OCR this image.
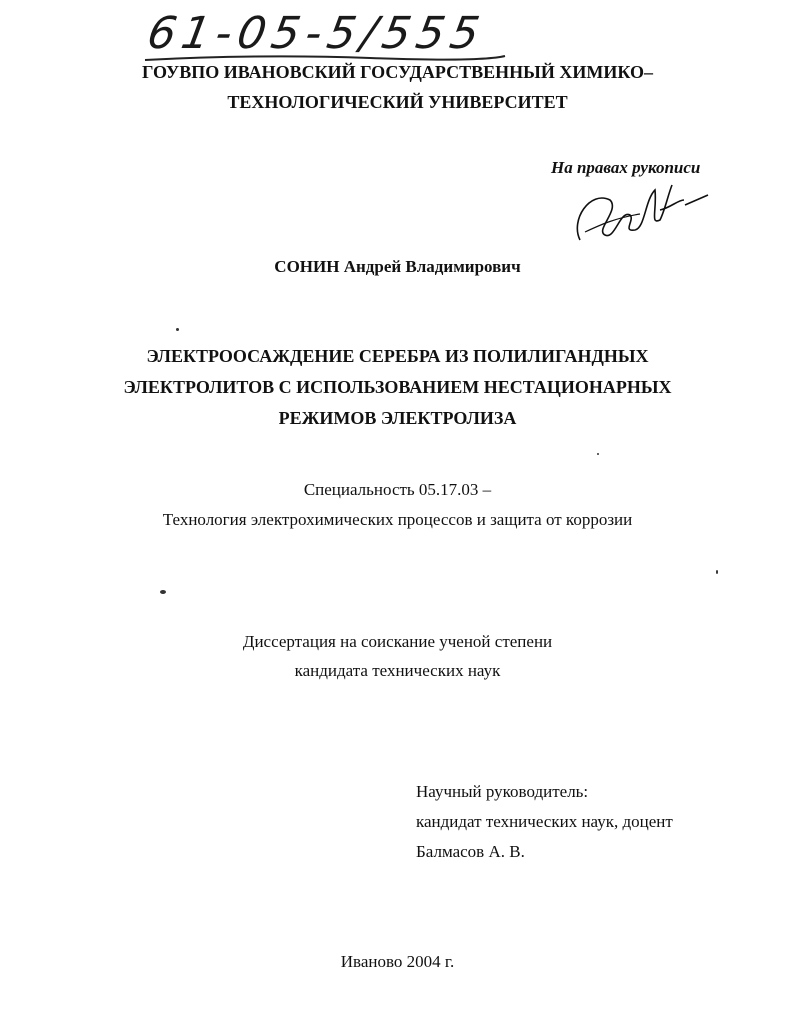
61-05-5/555
ГОУВПО ИВАНОВСКИЙ ГОСУДАРСТВЕННЫЙ ХИМИКО–
ТЕХНОЛОГИЧЕСКИЙ УНИВЕРСИТЕТ
На правах рукописи
СОНИН Андрей Владимирович
ЭЛЕКТРООСАЖДЕНИЕ СЕРЕБРА ИЗ ПОЛИЛИГАНДНЫХ
ЭЛЕКТРОЛИТОВ С ИСПОЛЬЗОВАНИЕМ НЕСТАЦИОНАРНЫХ
РЕЖИМОВ ЭЛЕКТРОЛИЗА
Специальность 05.17.03 –
Технология электрохимических процессов и защита от коррозии
Диссертация на соискание ученой степени
кандидата технических наук
Научный руководитель:
кандидат технических наук, доцент
Балмасов А. В.
Иваново 2004 г.
